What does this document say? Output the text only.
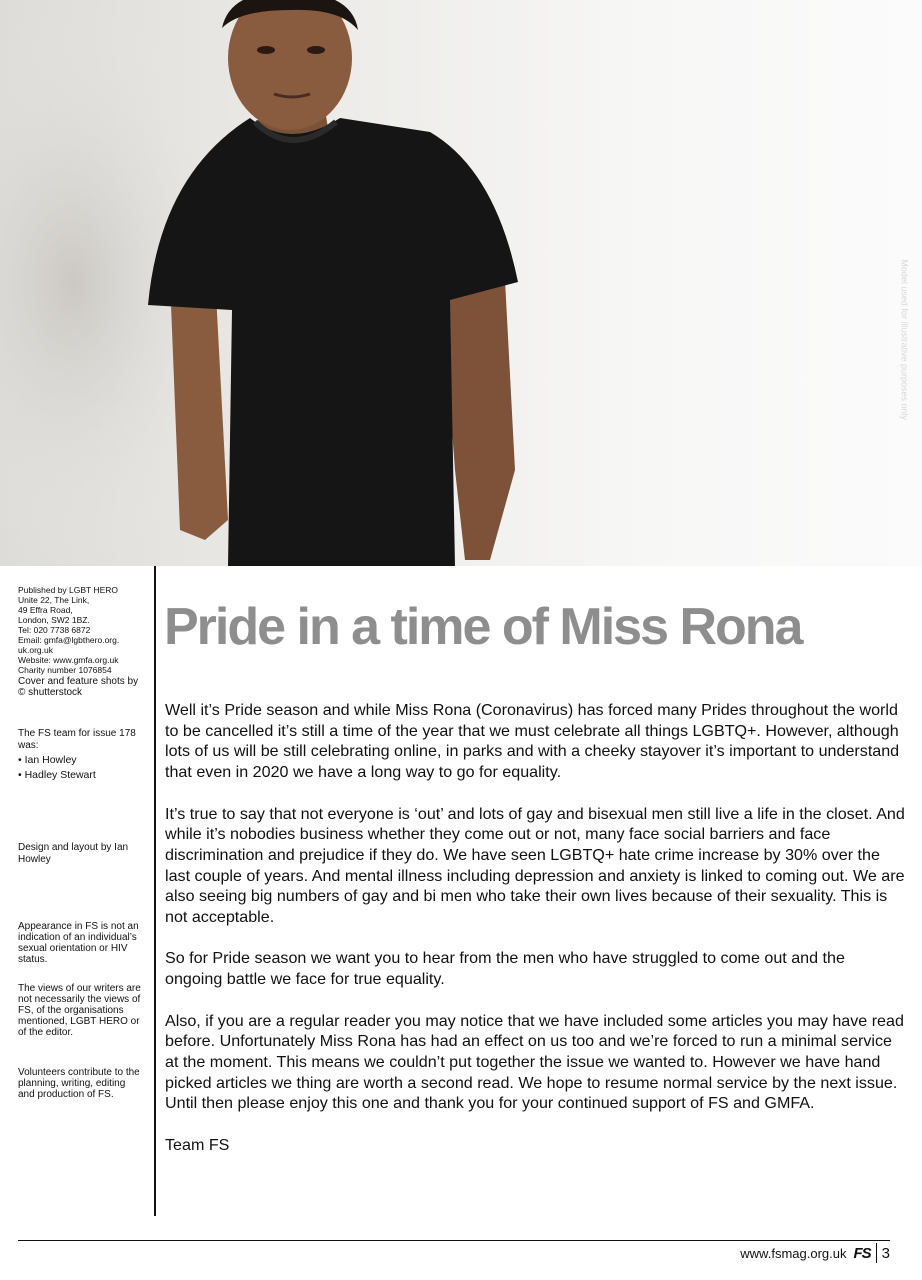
Model used for illustrative purposes only
Published by LGBT HERO
Unite 22, The Link,
49 Effra Road,
London, SW2 1BZ.
Tel: 020 7738 6872
Email: gmfa@lgbthero.org.
uk.org.uk
Website: www.gmfa.org.uk
Charity number 1076854
Cover and feature shots by © shutterstock
The FS team for issue 178 was:
• Ian Howley
• Hadley Stewart
Design and layout by Ian Howley
Appearance in FS is not an indication of an individual’s sexual orientation or HIV status.
The views of our writers are not necessarily the views of FS, of the organisations mentioned, LGBT HERO or of the editor.
Volunteers contribute to the planning, writing, editing and production of FS.
Pride in a time of Miss Rona

Well it’s Pride season and while Miss Rona (Coronavirus) has forced many Prides throughout the world to be cancelled it’s still a time of the year that we must celebrate all things LGBTQ+. However, although lots of us will be still celebrating online, in parks and with a cheeky stayover it’s important to understand that even in 2020 we have a long way to go for equality.

It’s true to say that not everyone is ‘out’ and lots of gay and bisexual men still live a life in the closet. And while it’s nobodies business whether they come out or not, many face social barriers and face discrimination and prejudice if they do. We have seen LGBTQ+ hate crime increase by 30% over the last couple of years. And mental illness including depression and anxiety is linked to coming out. We are also seeing big numbers of gay and bi men who take their own lives because of their sexuality. This is not acceptable.

So for Pride season we want you to hear from the men who have struggled to come out and the ongoing battle we face for true equality.

Also, if you are a regular reader you may notice that we have included some articles you may have read before. Unfortunately Miss Rona has had an effect on us too and we’re forced to run a minimal service at the moment. This means we couldn’t put together the issue we wanted to. However we have hand picked articles we thing are worth a second read. We hope to resume normal service by the next issue. Until then please enjoy this one and thank you for your continued support of FS and GMFA.

Team FS

www.fsmag.org.uk FS 3
